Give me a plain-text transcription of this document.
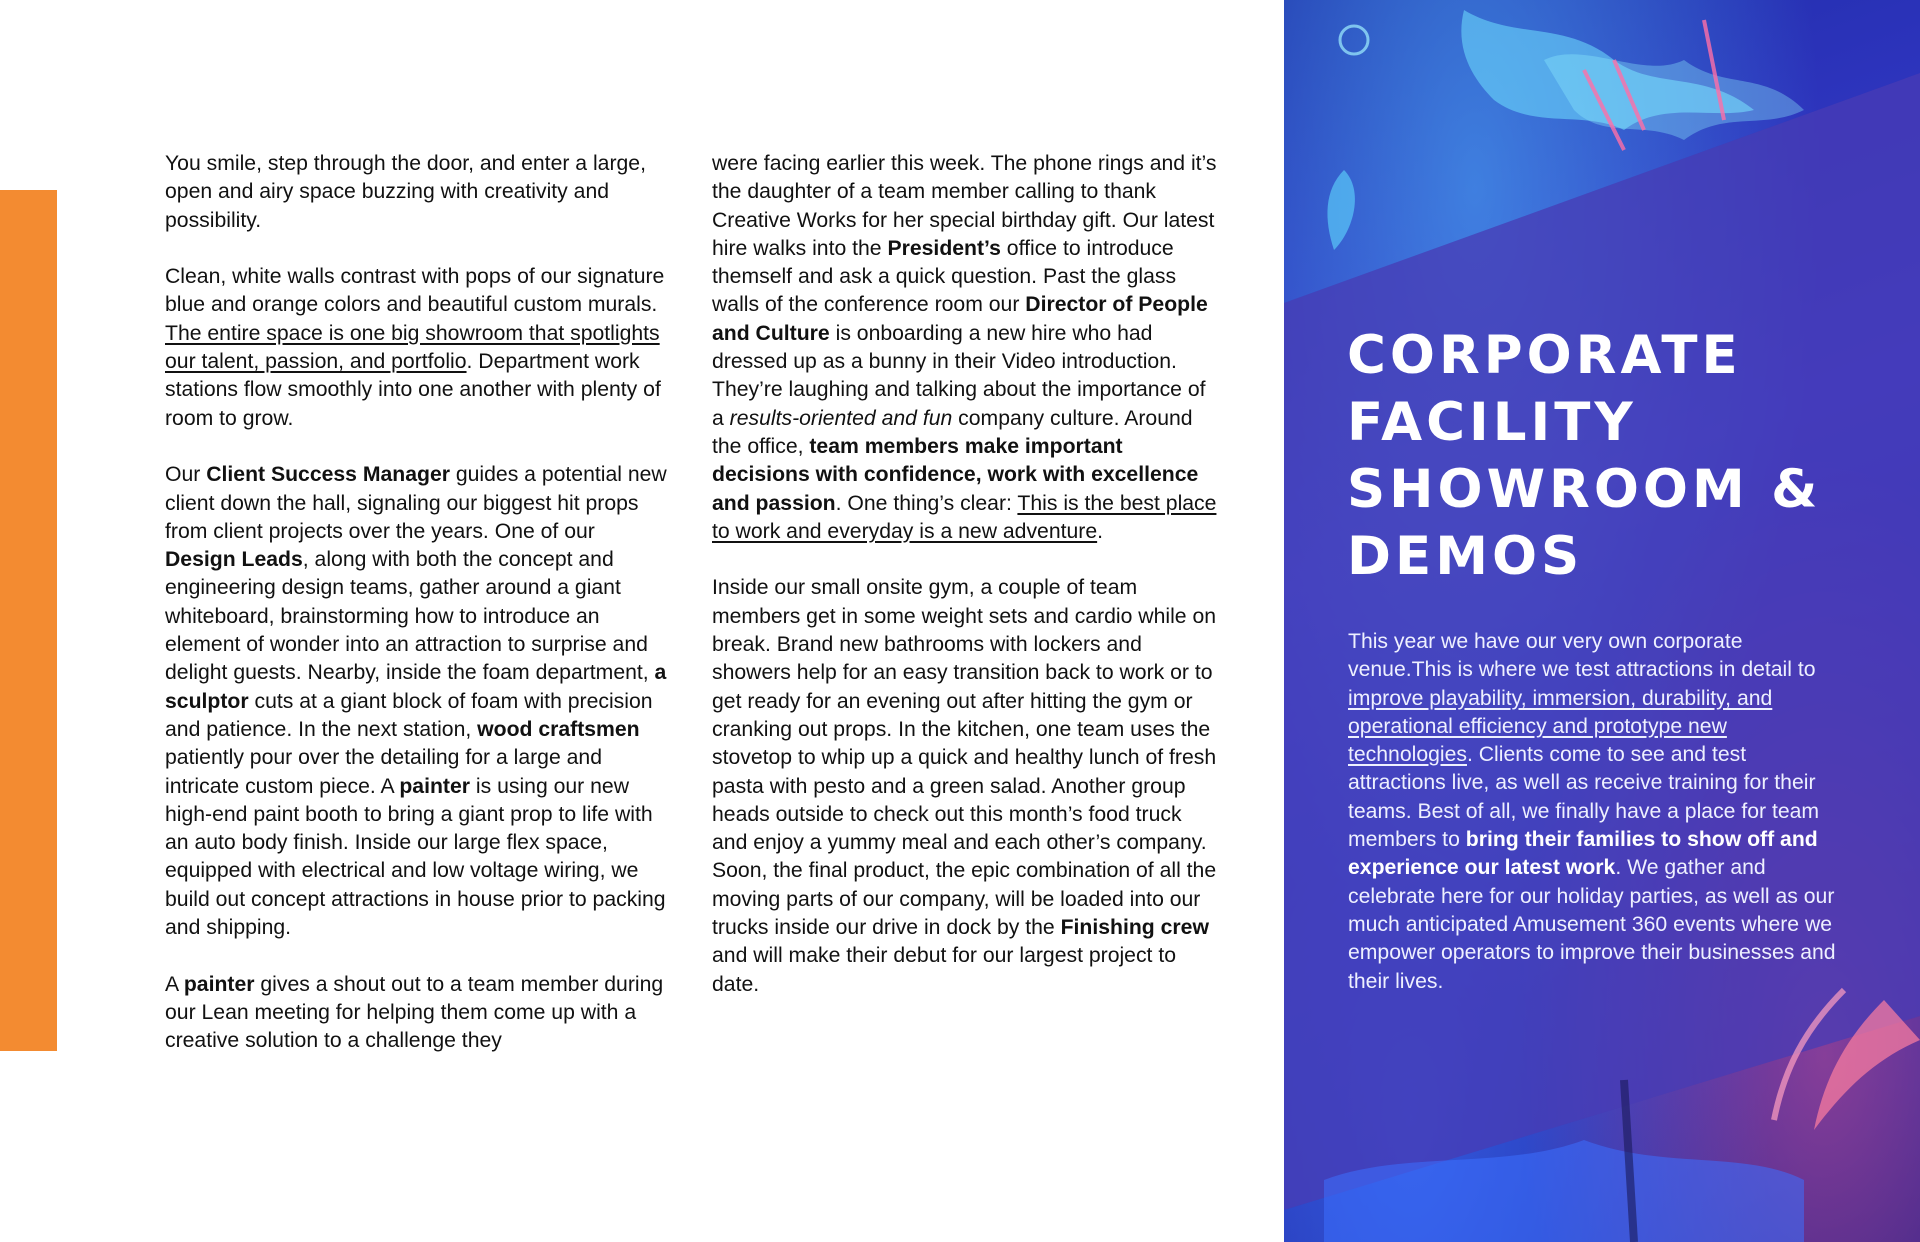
You smile, step through the door, and enter a large, open and airy space buzzing with creativity and possibility.

Clean, white walls contrast with pops of our signature blue and orange colors and beautiful custom murals. The entire space is one big showroom that spotlights our talent, passion, and portfolio. Department work stations flow smoothly into one another with plenty of room to grow.

Our Client Success Manager guides a potential new client down the hall, signaling our biggest hit props from client projects over the years. One of our Design Leads, along with both the concept and engineering design teams, gather around a giant whiteboard, brainstorming how to introduce an element of wonder into an attraction to surprise and delight guests. Nearby, inside the foam department, a sculptor cuts at a giant block of foam with precision and patience. In the next station, wood craftsmen patiently pour over the detailing for a large and intricate custom piece. A painter is using our new high-end paint booth to bring a giant prop to life with an auto body finish. Inside our large flex space, equipped with electrical and low voltage wiring, we build out concept attractions in house prior to packing and shipping.

A painter gives a shout out to a team member during our Lean meeting for helping them come up with a creative solution to a challenge they

were facing earlier this week. The phone rings and it’s the daughter of a team member calling to thank Creative Works for her special birthday gift. Our latest hire walks into the President’s office to introduce themself and ask a quick question. Past the glass walls of the conference room our Director of People and Culture is onboarding a new hire who had dressed up as a bunny in their Video introduction. They’re laughing and talking about the importance of a results-oriented and fun company culture. Around the office, team members make important decisions with confidence, work with excellence and passion. One thing’s clear: This is the best place to work and everyday is a new adventure.

Inside our small onsite gym, a couple of team members get in some weight sets and cardio while on break. Brand new bathrooms with lockers and showers help for an easy transition back to work or to get ready for an evening out after hitting the gym or cranking out props. In the kitchen, one team uses the stovetop to whip up a quick and healthy lunch of fresh pasta with pesto and a green salad. Another group heads outside to check out this month’s food truck and enjoy a yummy meal and each other’s company. Soon, the final product, the epic combination of all the moving parts of our company, will be loaded into our trucks inside our drive in dock by the Finishing crew and will make their debut for our largest project to date.

CORPORATE
FACILITY
SHOWROOM &
DEMOS

This year we have our very own corporate venue.This is where we test attractions in detail to improve playability, immersion, durability, and operational efficiency and prototype new technologies. Clients come to see and test attractions live, as well as receive training for their teams. Best of all, we finally have a place for team members to bring their families to show off and experience our latest work. We gather and celebrate here for our holiday parties, as well as our much anticipated Amusement 360 events where we empower operators to improve their businesses and their lives.
